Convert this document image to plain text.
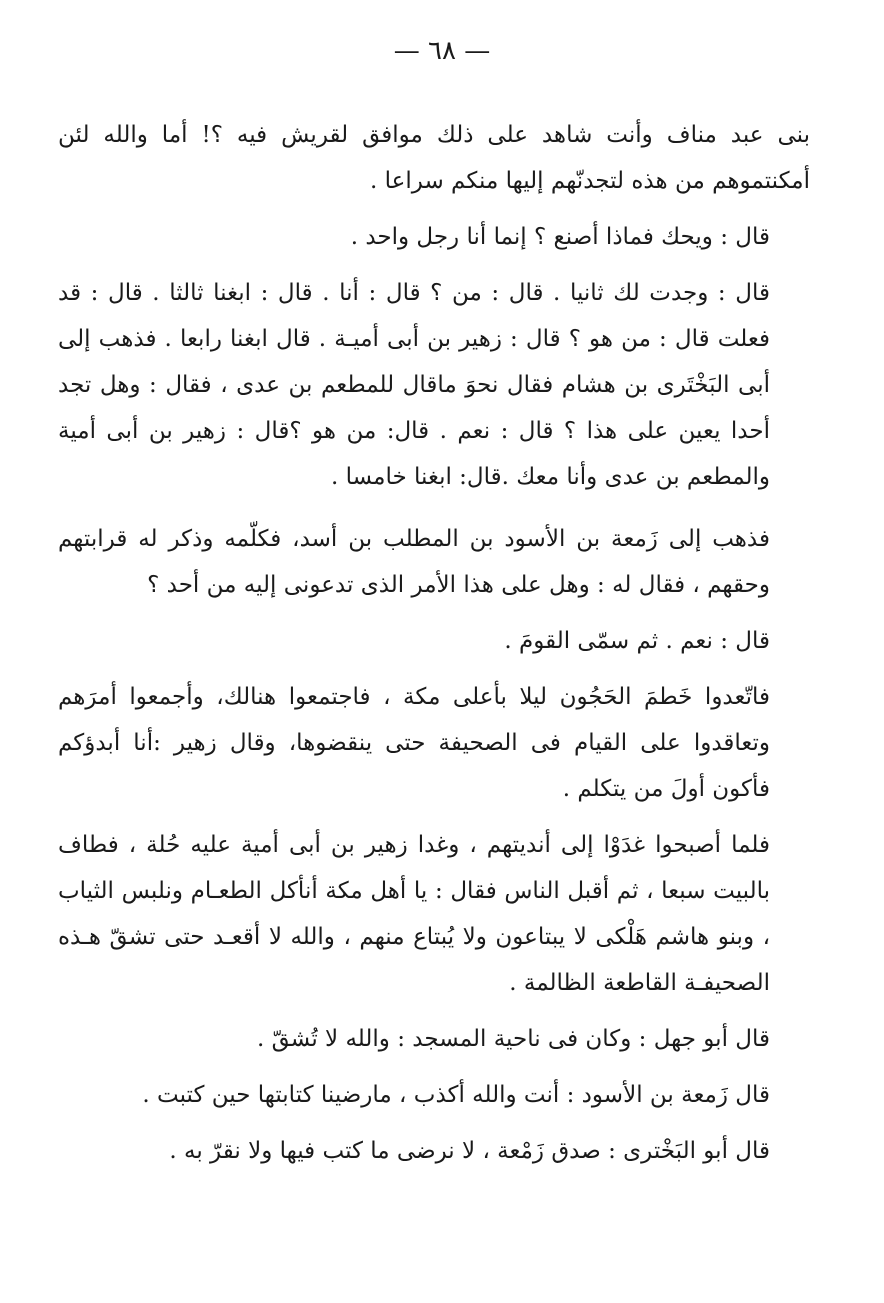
— ٦٨ —

بنى عبد مناف وأنت شاهد على ذلك موافق لقريش فيه ؟! أما والله لئن أمكنتموهم من هذه لتجدنّهم إليها منكم سراعا .

قال : ويحك فماذا أصنع ؟ إنما أنا رجل واحد .

قال : وجدت لك ثانيا . قال : من ؟ قال : أنا . قال : ابغنا ثالثا . قال : قد فعلت قال : من هو ؟ قال : زهير بن أبى أميـة . قال ابغنا رابعا . فذهب إلى أبى البَخْتَرى بن هشام فقال نحوَ ماقال للمطعم بن عدى ، فقال : وهل تجد أحدا يعين على هذا ؟ قال : نعم . قال: من هو ؟قال : زهير بن أبى أمية والمطعم بن عدى وأنا معك .قال: ابغنا خامسا .

فذهب إلى زَمعة بن الأسود بن المطلب بن أسد، فكلّمه وذكر له قرابتهم وحقهم ، فقال له : وهل على هذا الأمر الذى تدعونى إليه من أحد ؟

قال : نعم . ثم سمّى القومَ .

فاتّعدوا خَطمَ الحَجُون ليلا بأعلى مكة ، فاجتمعوا هنالك، وأجمعوا أمرَهم وتعاقدوا على القيام فى الصحيفة حتى ينقضوها، وقال زهير :أنا أبدؤكم فأكون أولَ من يتكلم .

فلما أصبحوا غدَوْا إلى أنديتهم ، وغدا زهير بن أبى أمية عليه حُلة ، فطاف بالبيت سبعا ، ثم أقبل الناس فقال : يا أهل مكة أنأكل الطعـام ونلبس الثياب ، وبنو هاشم هَلْكى لا يبتاعون ولا يُبتاع منهم ، والله لا أقعـد حتى تشقّ هـذه الصحيفـة القاطعة الظالمة .

قال أبو جهل : وكان فى ناحية المسجد : والله لا تُشقّ .

قال زَمعة بن الأسود : أنت والله أكذب ، مارضينا كتابتها حين كتبت .

قال أبو البَخْترى : صدق زَمْعة ، لا نرضى ما كتب فيها ولا نقرّ به .
